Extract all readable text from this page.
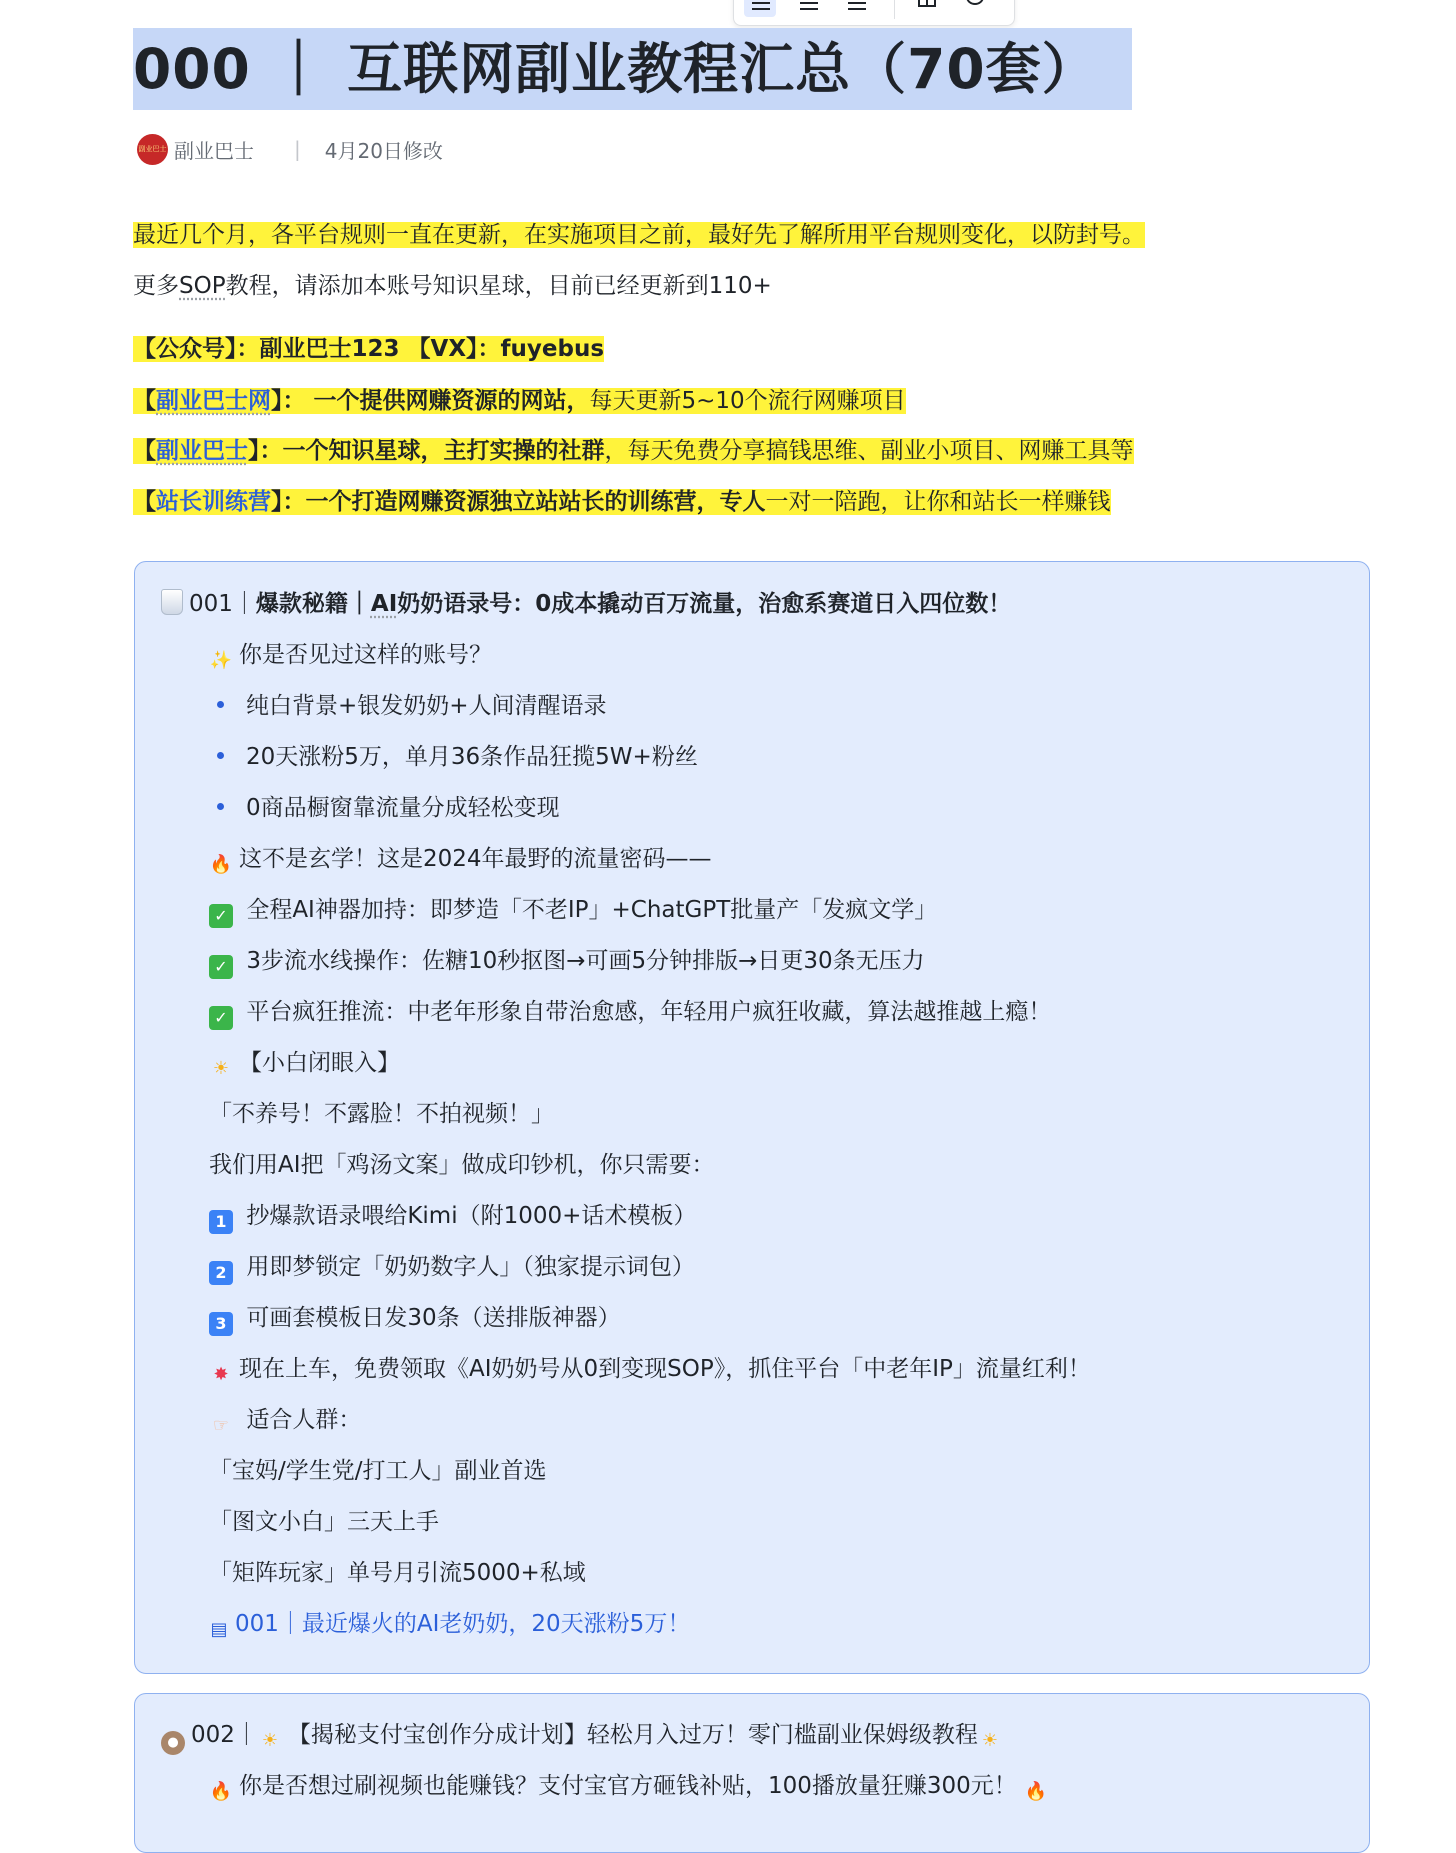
000 ｜ 互联网副业教程汇总（70套）
副业巴士 副业巴士 | 4月20日修改
最近几个月，各平台规则一直在更新，在实施项目之前，最好先了解所用平台规则变化，以防封号。
更多SOP教程，请添加本账号知识星球，目前已经更新到110+
【公众号】：副业巴士123 【VX】：fuyebus
【副业巴士网】： 一个提供网赚资源的网站，每天更新5~10个流行网赚项目
【副业巴士】：一个知识星球，主打实操的社群，每天免费分享搞钱思维、副业小项目、网赚工具等
【站长训练营】：一个打造网赚资源独立站站长的训练营，专人一对一陪跑，让你和站长一样赚钱
001｜爆款秘籍｜AI奶奶语录号：0成本撬动百万流量，治愈系赛道日入四位数！
✨ 你是否见过这样的账号？
纯白背景+银发奶奶+人间清醒语录
20天涨粉5万，单月36条作品狂揽5W+粉丝
0商品橱窗靠流量分成轻松变现
🔥 这不是玄学！这是2024年最野的流量密码——
✓ 全程AI神器加持：即梦造「不老IP」+ChatGPT批量产「发疯文学」
✓ 3步流水线操作：佐糖10秒抠图→可画5分钟排版→日更30条无压力
✓ 平台疯狂推流：中老年形象自带治愈感，年轻用户疯狂收藏，算法越推越上瘾！
☀ 【小白闭眼入】
「不养号！不露脸！不拍视频！」
我们用AI把「鸡汤文案」做成印钞机，你只需要：
1 抄爆款语录喂给Kimi（附1000+话术模板）
2 用即梦锁定「奶奶数字人」（独家提示词包）
3 可画套模板日发30条（送排版神器）
✸ 现在上车，免费领取《AI奶奶号从0到变现SOP》，抓住平台「中老年IP」流量红利！
☞ 适合人群：
「宝妈/学生党/打工人」副业首选
「图文小白」三天上手
「矩阵玩家」单号月引流5000+私域
▤ 001｜最近爆火的AI老奶奶，20天涨粉5万！
● 002｜ ☀ 【揭秘支付宝创作分成计划】轻松月入过万！零门槛副业保姆级教程 ☀
🔥 你是否想过刷视频也能赚钱？支付宝官方砸钱补贴，100播放量狂赚300元！ 🔥
